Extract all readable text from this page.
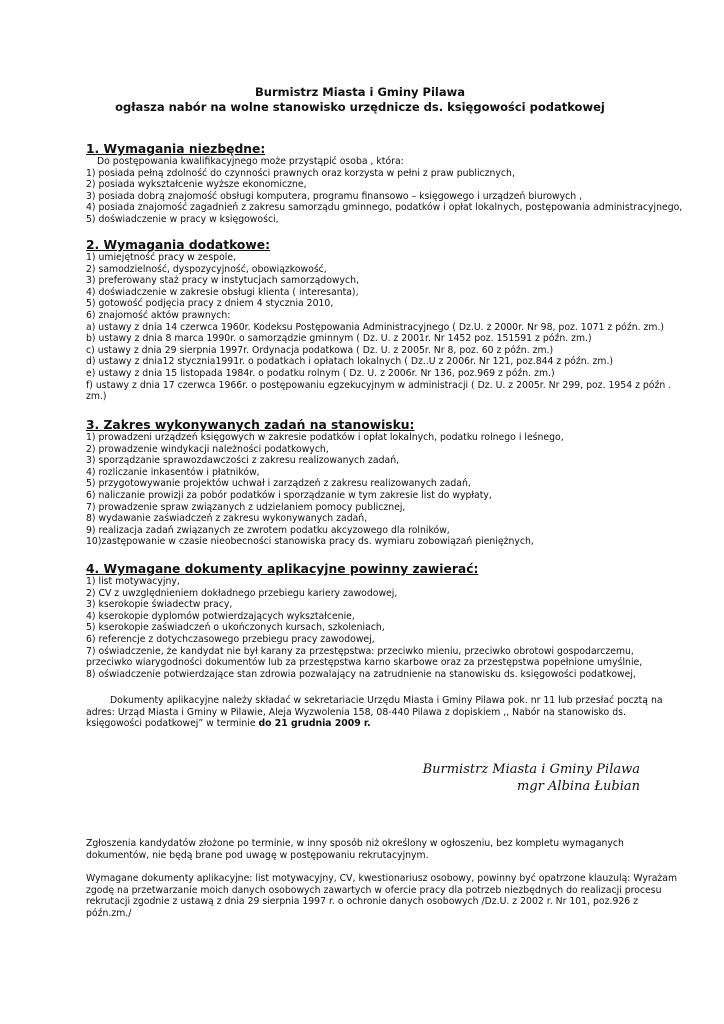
Burmistrz Miasta i Gminy Pilawa
ogłasza nabór na wolne stanowisko urzędnicze ds. księgowości podatkowej
1. Wymagania niezbędne:
Do postępowania kwalifikacyjnego może przystąpić osoba , która:
1) posiada pełną zdolność do czynności prawnych oraz korzysta w pełni z praw publicznych,
2) posiada wykształcenie wyższe ekonomiczne,
3) posiada dobrą znajomość obsługi komputera, programu finansowo – księgowego i urządzeń biurowych ,
4) posiada znajomość zagadnień z zakresu samorządu gminnego, podatków i opłat lokalnych, postępowania administracyjnego,
5) doświadczenie w pracy w księgowości,
2. Wymagania dodatkowe:
1) umiejętność pracy w zespole,
2) samodzielność, dyspozycyjność, obowiązkowość,
3) preferowany staż pracy w instytucjach samorządowych,
4) doświadczenie w zakresie obsługi klienta ( interesanta),
5) gotowość podjęcia pracy z dniem 4 stycznia 2010,
6) znajomość aktów prawnych:
a) ustawy z dnia 14 czerwca 1960r. Kodeksu Postępowania Administracyjnego ( Dz.U. z 2000r. Nr 98, poz. 1071 z późn. zm.)
b) ustawy z dnia 8 marca 1990r. o samorządzie gminnym ( Dz. U. z 2001r. Nr 1452 poz. 151591 z późn. zm.)
c) ustawy z dnia 29 sierpnia 1997r. Ordynacja podatkowa ( Dz. U. z 2005r. Nr 8, poz. 60 z późn. zm.)
d) ustawy z dnia12 stycznia1991r. o podatkach i opłatach lokalnych ( Dz..U z 2006r. Nr 121, poz.844 z późn. zm.)
e) ustawy z dnia 15 listopada 1984r. o podatku rolnym ( Dz. U. z 2006r. Nr 136, poz.969 z późn. zm.)
f) ustawy z dnia 17 czerwca 1966r. o postępowaniu egzekucyjnym w administracji ( Dz. U. z 2005r. Nr 299, poz. 1954 z późn .
zm.)
3. Zakres wykonywanych zadań na stanowisku:
1) prowadzeni urządzeń księgowych w zakresie podatków i opłat lokalnych, podatku rolnego i leśnego,
2) prowadzenie windykacji należności podatkowych,
3) sporządzanie sprawozdawczości z zakresu realizowanych zadań,
4) rozliczanie inkasentów i płatników,
5) przygotowywanie projektów uchwał i zarządzeń z zakresu realizowanych zadań,
6) naliczanie prowizji za pobór podatków i sporządzanie w tym zakresie list do wypłaty,
7) prowadzenie spraw związanych z udzielaniem pomocy publicznej,
8) wydawanie zaświadczeń z zakresu wykonywanych zadań,
9) realizacja zadań związanych ze zwrotem podatku akcyzowego dla rolników,
10)zastępowanie w czasie nieobecności stanowiska pracy ds. wymiaru zobowiązań pieniężnych,
4. Wymagane dokumenty aplikacyjne powinny zawierać:
1) list motywacyjny,
2) CV z uwzględnieniem dokładnego przebiegu kariery zawodowej,
3) kserokopie świadectw pracy,
4) kserokopie dyplomów potwierdzających wykształcenie,
5) kserokopie zaświadczeń o ukończonych kursach, szkoleniach,
6) referencje z dotychczasowego przebiegu pracy zawodowej,
7) oświadczenie, że kandydat nie był karany za przestępstwa: przeciwko mieniu, przeciwko obrotowi gospodarczemu,
przeciwko wiarygodności dokumentów lub za przestępstwa karno skarbowe oraz za przestępstwa popełnione umyślnie,
8) oświadczenie potwierdzające stan zdrowia pozwalający na zatrudnienie na stanowisku ds. księgowości podatkowej,
Dokumenty aplikacyjne należy składać w sekretariacie Urzędu Miasta i Gminy Pilawa pok. nr 11 lub przesłać pocztą na
adres: Urząd Miasta i Gminy w Pilawie, Aleja Wyzwolenia 158, 08-440 Pilawa z dopiskiem ,, Nabór na stanowisko ds.
księgowości podatkowej” w terminie do 21 grudnia 2009 r.
Burmistrz Miasta i Gminy Pilawa
mgr Albina Łubian
Zgłoszenia kandydatów złożone po terminie, w inny sposób niż określony w ogłoszeniu, bez kompletu wymaganych
dokumentów, nie będą brane pod uwagę w postępowaniu rekrutacyjnym.
Wymagane dokumenty aplikacyjne: list motywacyjny, CV, kwestionariusz osobowy, powinny być opatrzone klauzulą: Wyrażam
zgodę na przetwarzanie moich danych osobowych zawartych w ofercie pracy dla potrzeb niezbędnych do realizacji procesu
rekrutacji zgodnie z ustawą z dnia 29 sierpnia 1997 r. o ochronie danych osobowych /Dz.U. z 2002 r. Nr 101, poz.926 z
późn.zm./
